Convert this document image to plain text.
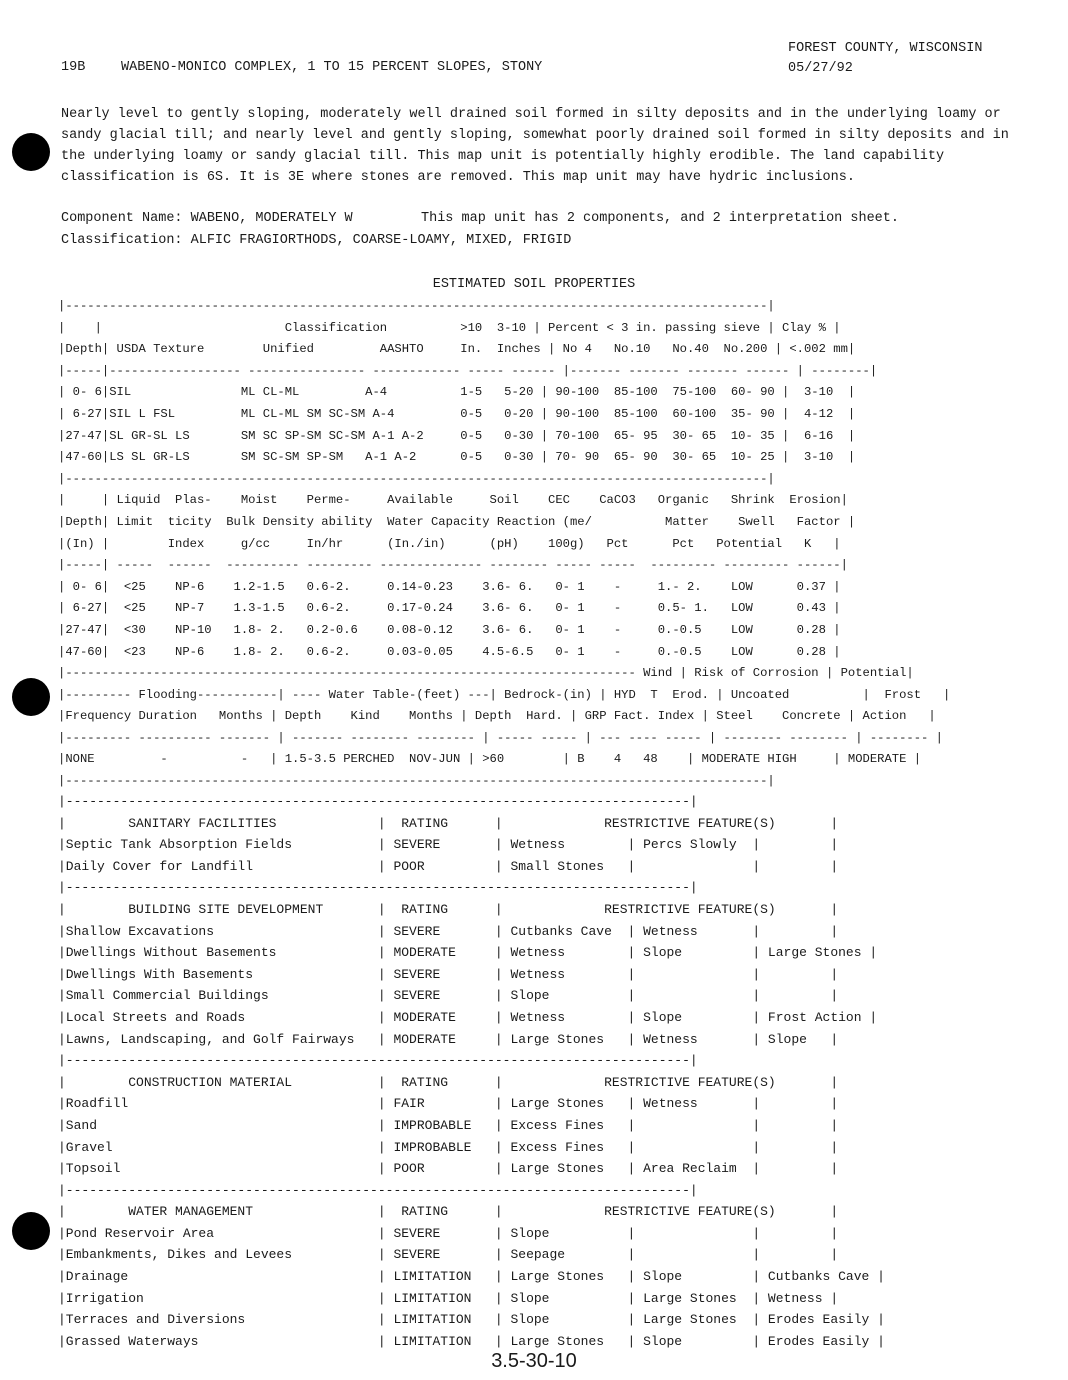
19B	WABENO-MONICO COMPLEX, 1 TO 15 PERCENT SLOPES, STONY
FOREST COUNTY, WISCONSIN
05/27/92
Nearly level to gently sloping, moderately well drained soil formed in silty deposits and in the underlying loamy or sandy glacial till; and nearly level and gently sloping, somewhat poorly drained soil formed in silty deposits and in the underlying loamy or sandy glacial till. This map unit is potentially highly erodible. The land capability classification is 6S. It is 3E where stones are removed. This map unit may have hydric inclusions.
Component Name: WABENO, MODERATELY W	This map unit has 2 components, and 2 interpretation sheet.
Classification: ALFIC FRAGIORTHODS, COARSE-LOAMY, MIXED, FRIGID
ESTIMATED SOIL PROPERTIES
|------------------------------------------------------------------------------------------------|
|    |                         Classification          >10  3-10 | Percent < 3 in. passing sieve | Clay % |
|Depth| USDA Texture        Unified         AASHTO     In.  Inches | No 4   No.10   No.40  No.200 | <.002 mm|
|-----|------------------ ---------------- ------------ ----- ------ |------- ------- ------- ------ | --------|
| 0- 6|SIL               ML CL-ML         A-4          1-5   5-20 | 90-100  85-100  75-100  60- 90 |  3-10  |
| 6-27|SIL L FSL         ML CL-ML SM SC-SM A-4         0-5   0-20 | 90-100  85-100  60-100  35- 90 |  4-12  |
|27-47|SL GR-SL LS       SM SC SP-SM SC-SM A-1 A-2     0-5   0-30 | 70-100  65- 95  30- 65  10- 35 |  6-16  |
|47-60|LS SL GR-LS       SM SC-SM SP-SM   A-1 A-2      0-5   0-30 | 70- 90  65- 90  30- 65  10- 25 |  3-10  |
|------------------------------------------------------------------------------------------------|
|     | Liquid  Plas-    Moist    Perme-     Available     Soil    CEC    CaCO3   Organic   Shrink  Erosion|
|Depth| Limit  ticity  Bulk Density ability  Water Capacity Reaction (me/          Matter    Swell   Factor |
|(In) |        Index     g/cc     In/hr      (In./in)      (pH)    100g)   Pct      Pct   Potential   K   |
|-----| -----  ------  ---------- --------- -------------- -------- ----- -----  --------- --------- ------|
| 0- 6|  <25    NP-6    1.2-1.5   0.6-2.     0.14-0.23    3.6- 6.   0- 1    -     1.- 2.    LOW      0.37 |
| 6-27|  <25    NP-7    1.3-1.5   0.6-2.     0.17-0.24    3.6- 6.   0- 1    -     0.5- 1.   LOW      0.43 |
|27-47|  <30    NP-10   1.8- 2.   0.2-0.6    0.08-0.12    3.6- 6.   0- 1    -     0.-0.5    LOW      0.28 |
|47-60|  <23    NP-6    1.8- 2.   0.6-2.     0.03-0.05    4.5-6.5   0- 1    -     0.-0.5    LOW      0.28 |
|------------------------------------------------------------------------------ Wind | Risk of Corrosion | Potential|
|--------- Flooding-----------| ---- Water Table-(feet) ---| Bedrock-(in) | HYD  T  Erod. | Uncoated          |  Frost   |
|Frequency Duration   Months | Depth    Kind    Months | Depth  Hard. | GRP Fact. Index | Steel    Concrete | Action   |
|--------- ---------- ------- | ------- -------- -------- | ----- ----- | --- ---- ----- | -------- -------- | -------- |
|NONE         -          -   | 1.5-3.5 PERCHED  NOV-JUN | >60        | B    4   48    | MODERATE HIGH     | MODERATE |
|------------------------------------------------------------------------------------------------|
|--------------------------------------------------------------------------------|
|        SANITARY FACILITIES             |  RATING      |             RESTRICTIVE FEATURE(S)       |
|Septic Tank Absorption Fields           | SEVERE       | Wetness        | Percs Slowly  |         |
|Daily Cover for Landfill                | POOR         | Small Stones   |               |         |
|--------------------------------------------------------------------------------|
|        BUILDING SITE DEVELOPMENT       |  RATING      |             RESTRICTIVE FEATURE(S)       |
|Shallow Excavations                     | SEVERE       | Cutbanks Cave  | Wetness       |         |
|Dwellings Without Basements             | MODERATE     | Wetness        | Slope         | Large Stones |
|Dwellings With Basements                | SEVERE       | Wetness        |               |         |
|Small Commercial Buildings              | SEVERE       | Slope          |               |         |
|Local Streets and Roads                 | MODERATE     | Wetness        | Slope         | Frost Action |
|Lawns, Landscaping, and Golf Fairways   | MODERATE     | Large Stones   | Wetness       | Slope   |
|--------------------------------------------------------------------------------|
|        CONSTRUCTION MATERIAL           |  RATING      |             RESTRICTIVE FEATURE(S)       |
|Roadfill                                | FAIR         | Large Stones   | Wetness       |         |
|Sand                                    | IMPROBABLE   | Excess Fines   |               |         |
|Gravel                                  | IMPROBABLE   | Excess Fines   |               |         |
|Topsoil                                 | POOR         | Large Stones   | Area Reclaim  |         |
|--------------------------------------------------------------------------------|
|        WATER MANAGEMENT                |  RATING      |             RESTRICTIVE FEATURE(S)       |
|Pond Reservoir Area                     | SEVERE       | Slope          |               |         |
|Embankments, Dikes and Levees           | SEVERE       | Seepage        |               |         |
|Drainage                                | LIMITATION   | Large Stones   | Slope         | Cutbanks Cave |
|Irrigation                              | LIMITATION   | Slope          | Large Stones  | Wetness |
|Terraces and Diversions                 | LIMITATION   | Slope          | Large Stones  | Erodes Easily |
|Grassed Waterways                       | LIMITATION   | Large Stones   | Slope         | Erodes Easily |
3.5-30-10
